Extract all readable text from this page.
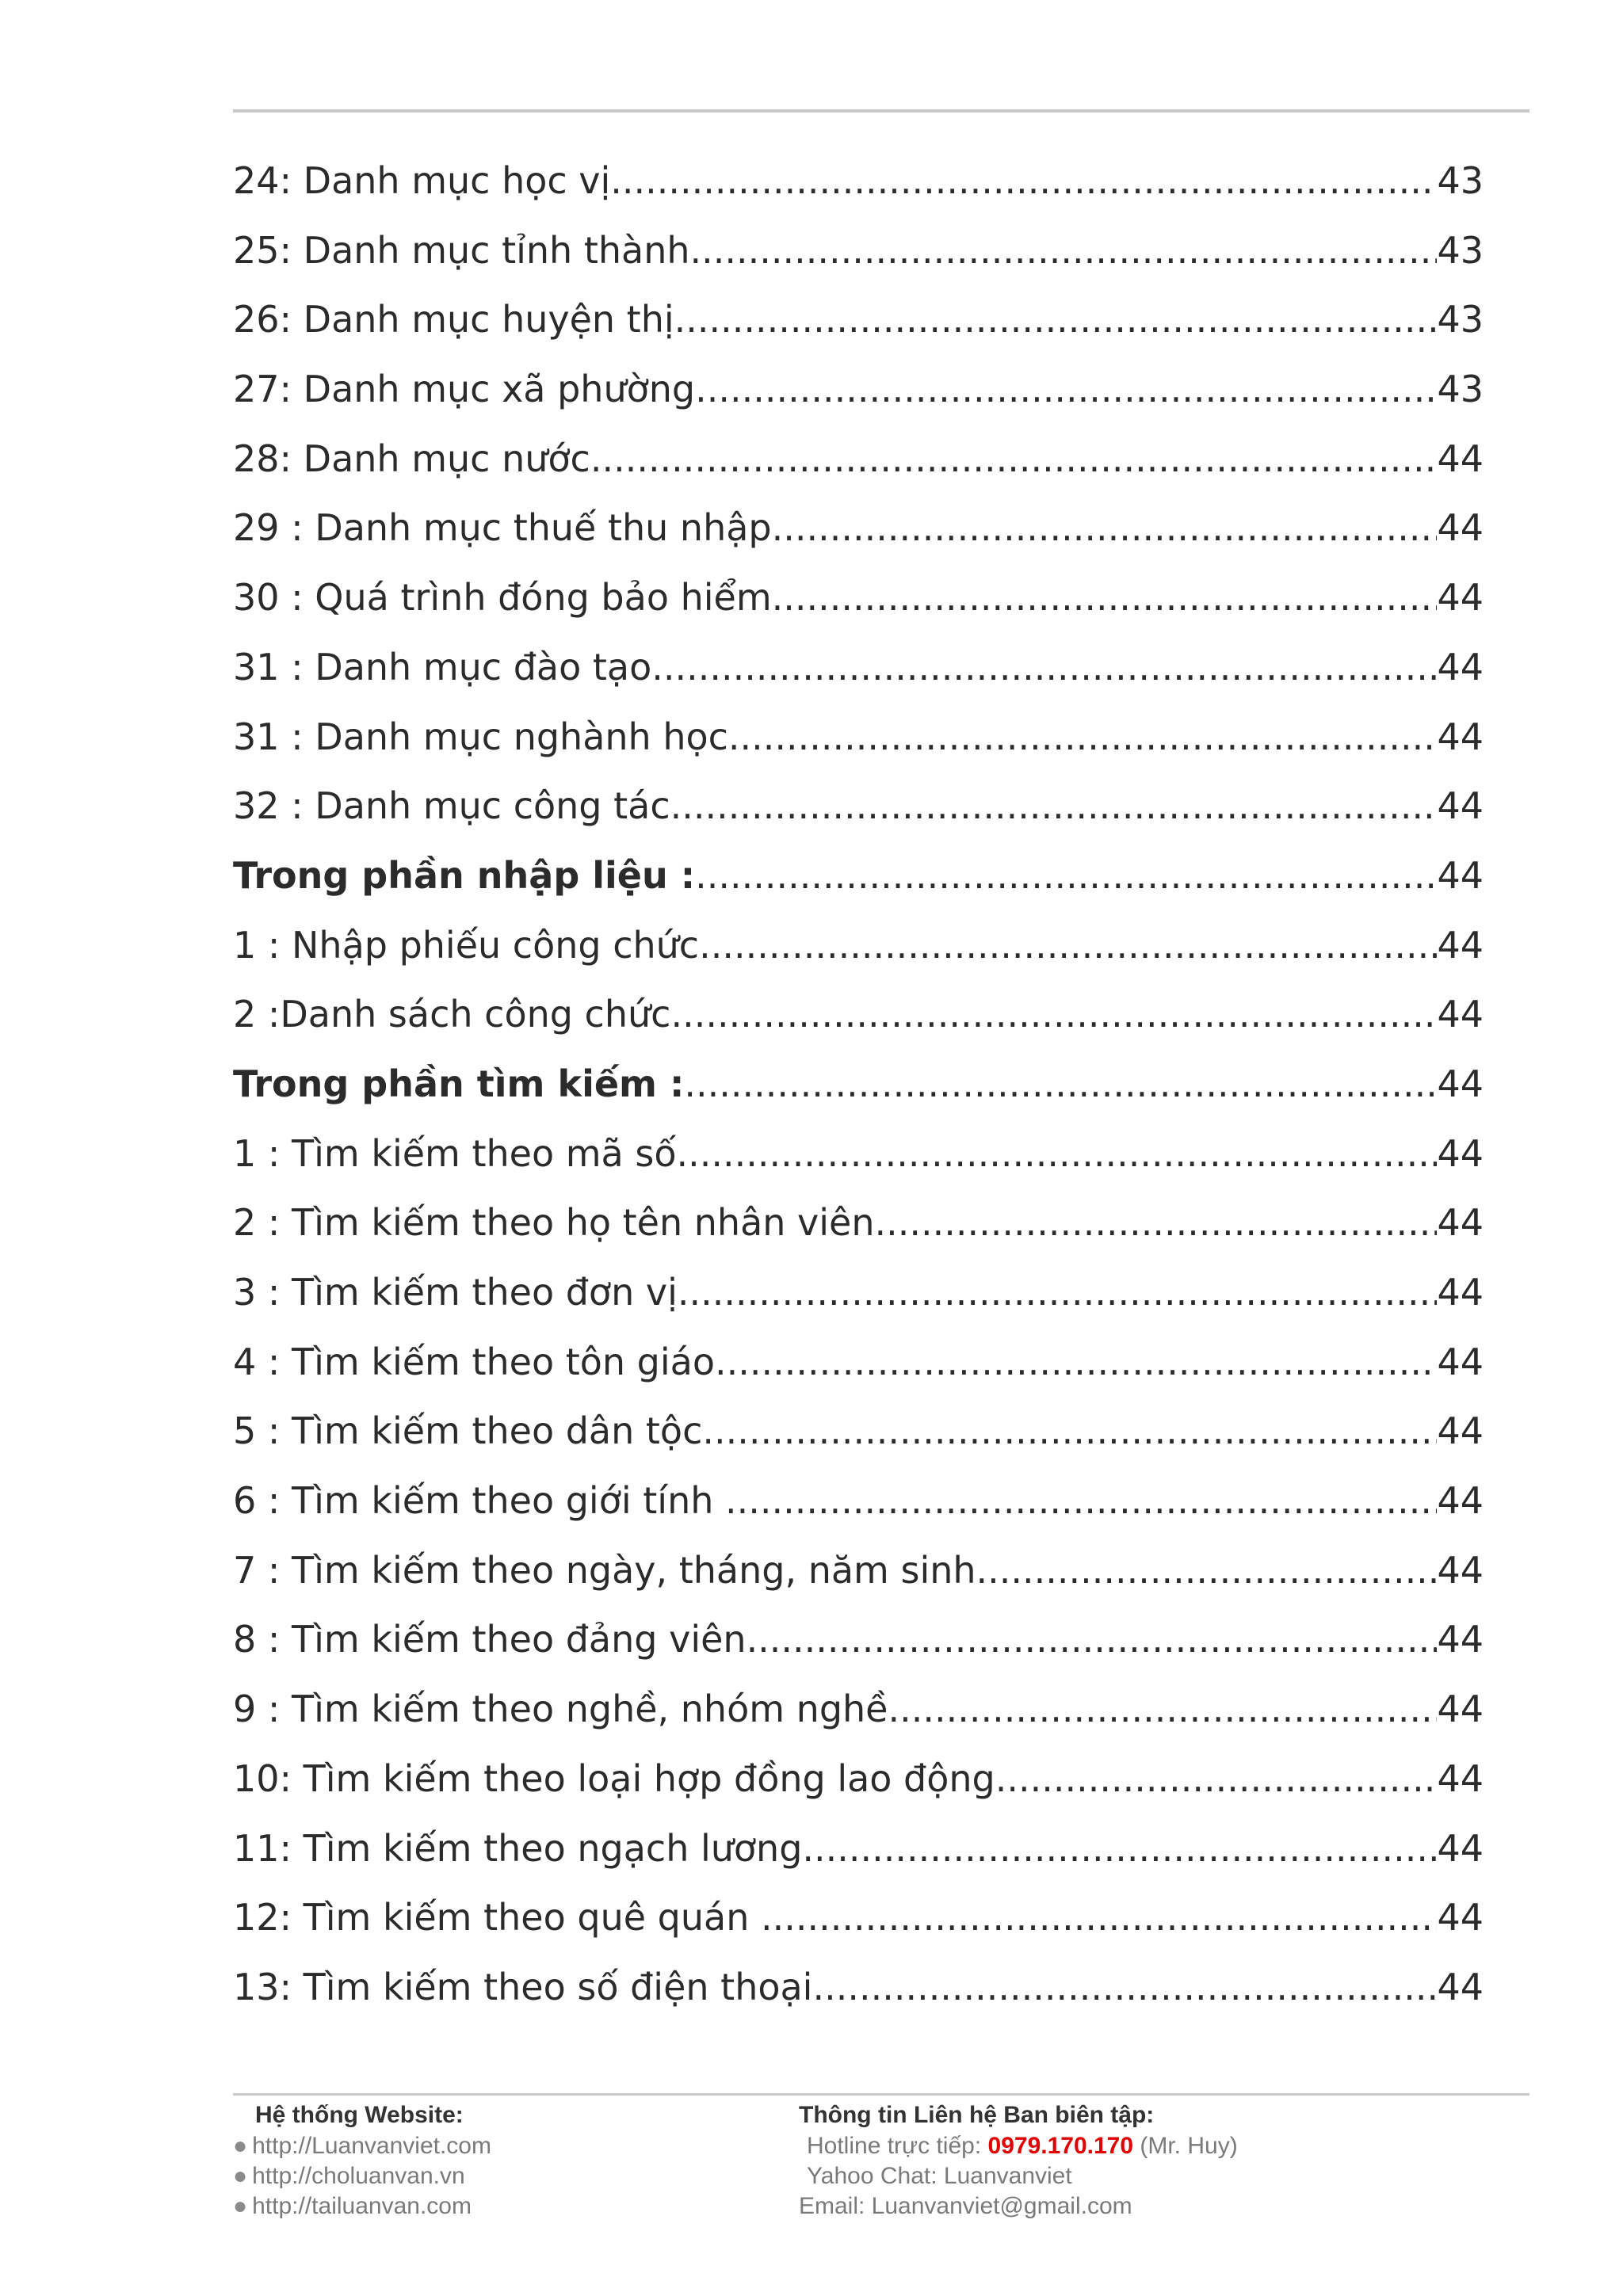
24: Danh mục học vị .....	43
25: Danh mục tỉnh thành .....	43
26: Danh mục huyện thị .....	43
27: Danh mục xã phường .....	43
28: Danh mục nước .....	44
29 : Danh mục thuế thu nhập .....	44
30 : Quá trình đóng bảo hiểm .....	44
31 : Danh mục đào tạo .....	44
31 : Danh mục nghành học .....	44
32 : Danh mục công tác .....	44
Trong phần nhập liệu : .....	44
1 : Nhập phiếu công chức .....	44
2 :Danh sách công chức .....	44
Trong phần tìm kiếm : .....	44
1 : Tìm kiếm theo mã số .....	44
2 : Tìm kiếm theo họ tên nhân viên .....	44
3 : Tìm kiếm theo đơn vị .....	44
4 : Tìm kiếm theo tôn giáo .....	44
5 : Tìm kiếm theo dân tộc .....	44
6 : Tìm kiếm theo giới tính .....	44
7 : Tìm kiếm theo ngày, tháng, năm sinh .....	44
8 : Tìm kiếm theo đảng viên .....	44
9 : Tìm kiếm theo nghề, nhóm nghề .....	44
10: Tìm kiếm theo loại hợp đồng lao động .....	44
11: Tìm kiếm theo ngạch lương .....	44
12: Tìm kiếm theo quê quán .....	44
13: Tìm kiếm theo số điện thoại .....	44
Hệ thống Website:
● http://Luanvanviet.com
● http://choluanvan.vn
● http://tailuanvan.com
Thông tin Liên hệ Ban biên tập:
Hotline trực tiếp: 0979.170.170 (Mr. Huy)
Yahoo Chat: Luanvanviet
Email: Luanvanviet@gmail.com
